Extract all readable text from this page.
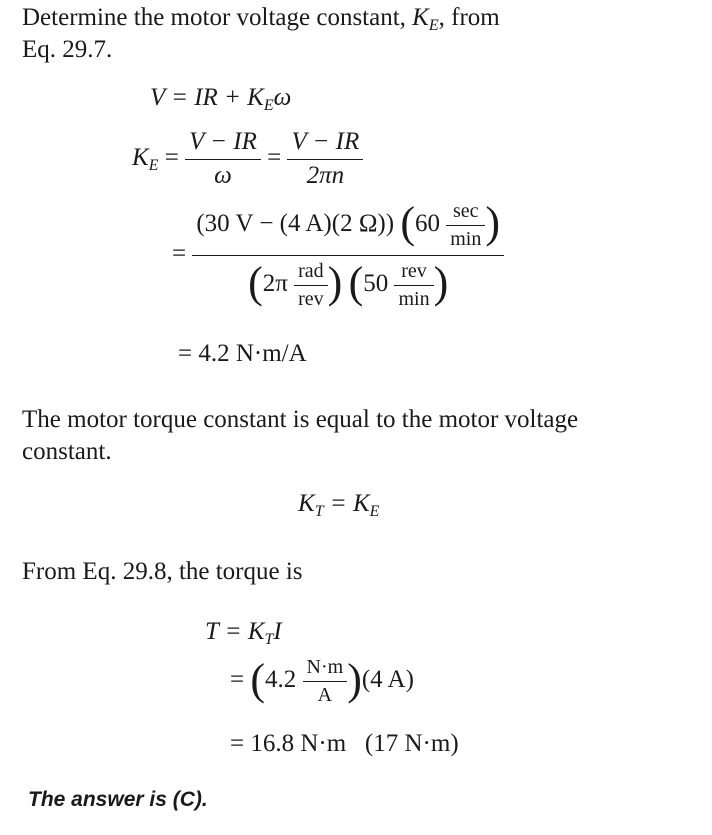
Determine the motor voltage constant, $K_E$, from
Eq. 29.7.
V = IR + $K_E\omega$
$K_E = \frac{V - IR}{\omega} = \frac{V - IR}{2\pi n}$
=
(30 V − (4 A)(2 Ω)) ($60 \frac{\sec}{\min}$ )
($2\pi \frac{\text{rad}}{\text{rev}}$ ) ($50 \frac{\text{rev}}{\min}$ )
= 4.2 N·m/A
The motor torque constant is equal to the motor voltage
constant.
$K_T = K_E$
From Eq. 29.8, the torque is
$T = K_TI$
= $(4.2 \frac{N\cdot m}{A} )(4$ A)
= 16.8 N·m   (17 N·m)
The answer is (C).
